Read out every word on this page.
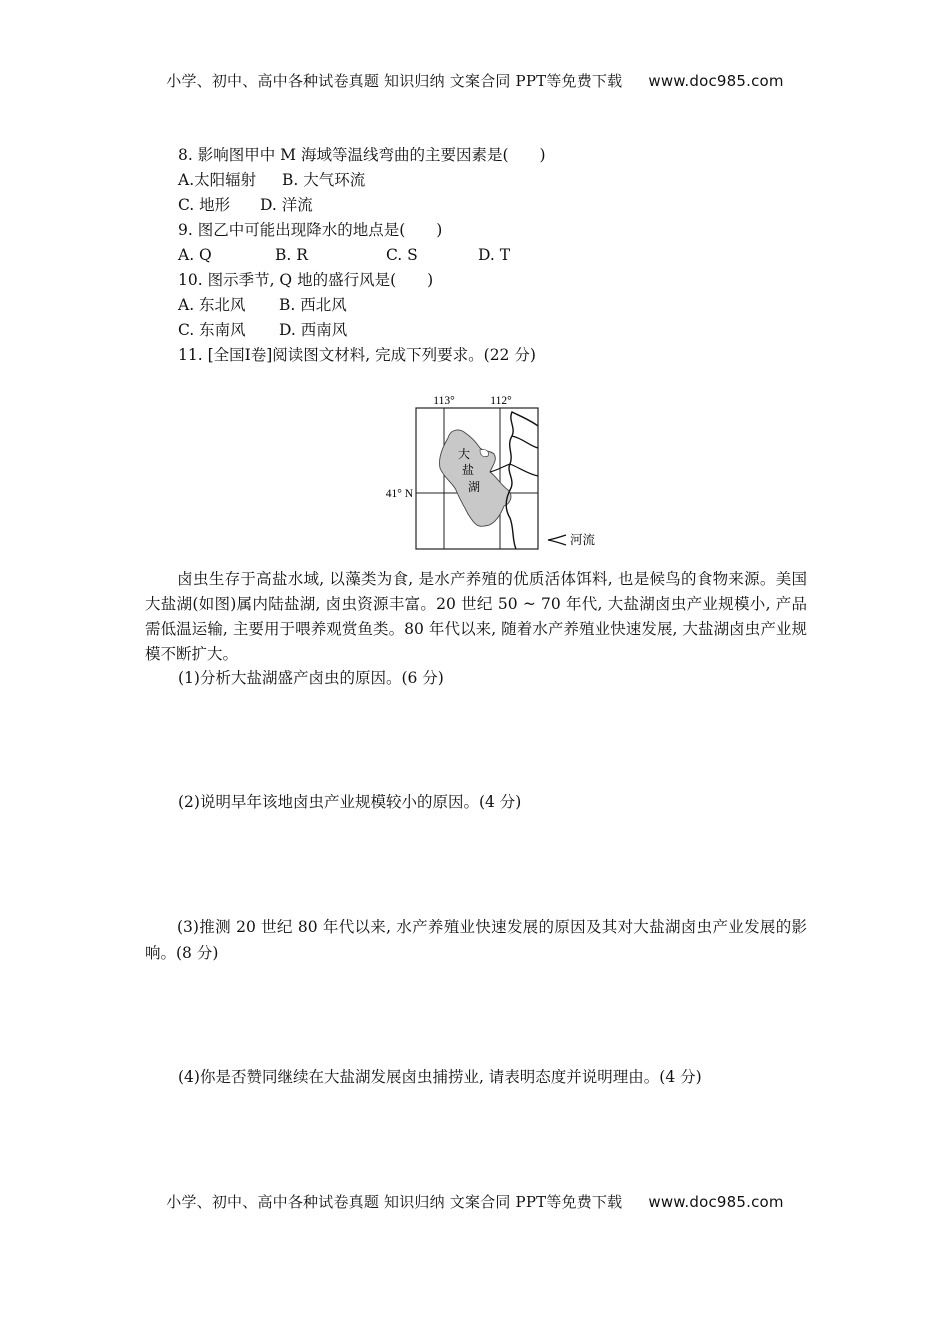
小学、初中、高中各种试卷真题 知识归纳 文案合同 PPT等免费下载 www.doc985.com
8. 影响图甲中 M 海域等温线弯曲的主要因素是(　　)
A.太阳辐射 B. 大气环流
C. 地形 D. 洋流
9. 图乙中可能出现降水的地点是(　　)
A. Q	B. R	C. S	D. T
10. 图示季节, Q 地的盛行风是(　　)
A. 东北风 B. 西北风
C. 东南风 D. 西南风
11. [全国Ⅰ卷]阅读图文材料, 完成下列要求。(22 分)
113°	112°
41° N
大
盐
湖
河流
卤虫生存于高盐水域, 以藻类为食, 是水产养殖的优质活体饵料, 也是候鸟的食物来源。美国大盐湖(如图)属内陆盐湖, 卤虫资源丰富。20 世纪 50 ~ 70 年代, 大盐湖卤虫产业规模小, 产品需低温运输, 主要用于喂养观赏鱼类。80 年代以来, 随着水产养殖业快速发展, 大盐湖卤虫产业规模不断扩大。
(1)分析大盐湖盛产卤虫的原因。(6 分)
(2)说明早年该地卤虫产业规模较小的原因。(4 分)
(3)推测 20 世纪 80 年代以来, 水产养殖业快速发展的原因及其对大盐湖卤虫产业发展的影响。(8 分)
(4)你是否赞同继续在大盐湖发展卤虫捕捞业, 请表明态度并说明理由。(4 分)
小学、初中、高中各种试卷真题 知识归纳 文案合同 PPT等免费下载 www.doc985.com
